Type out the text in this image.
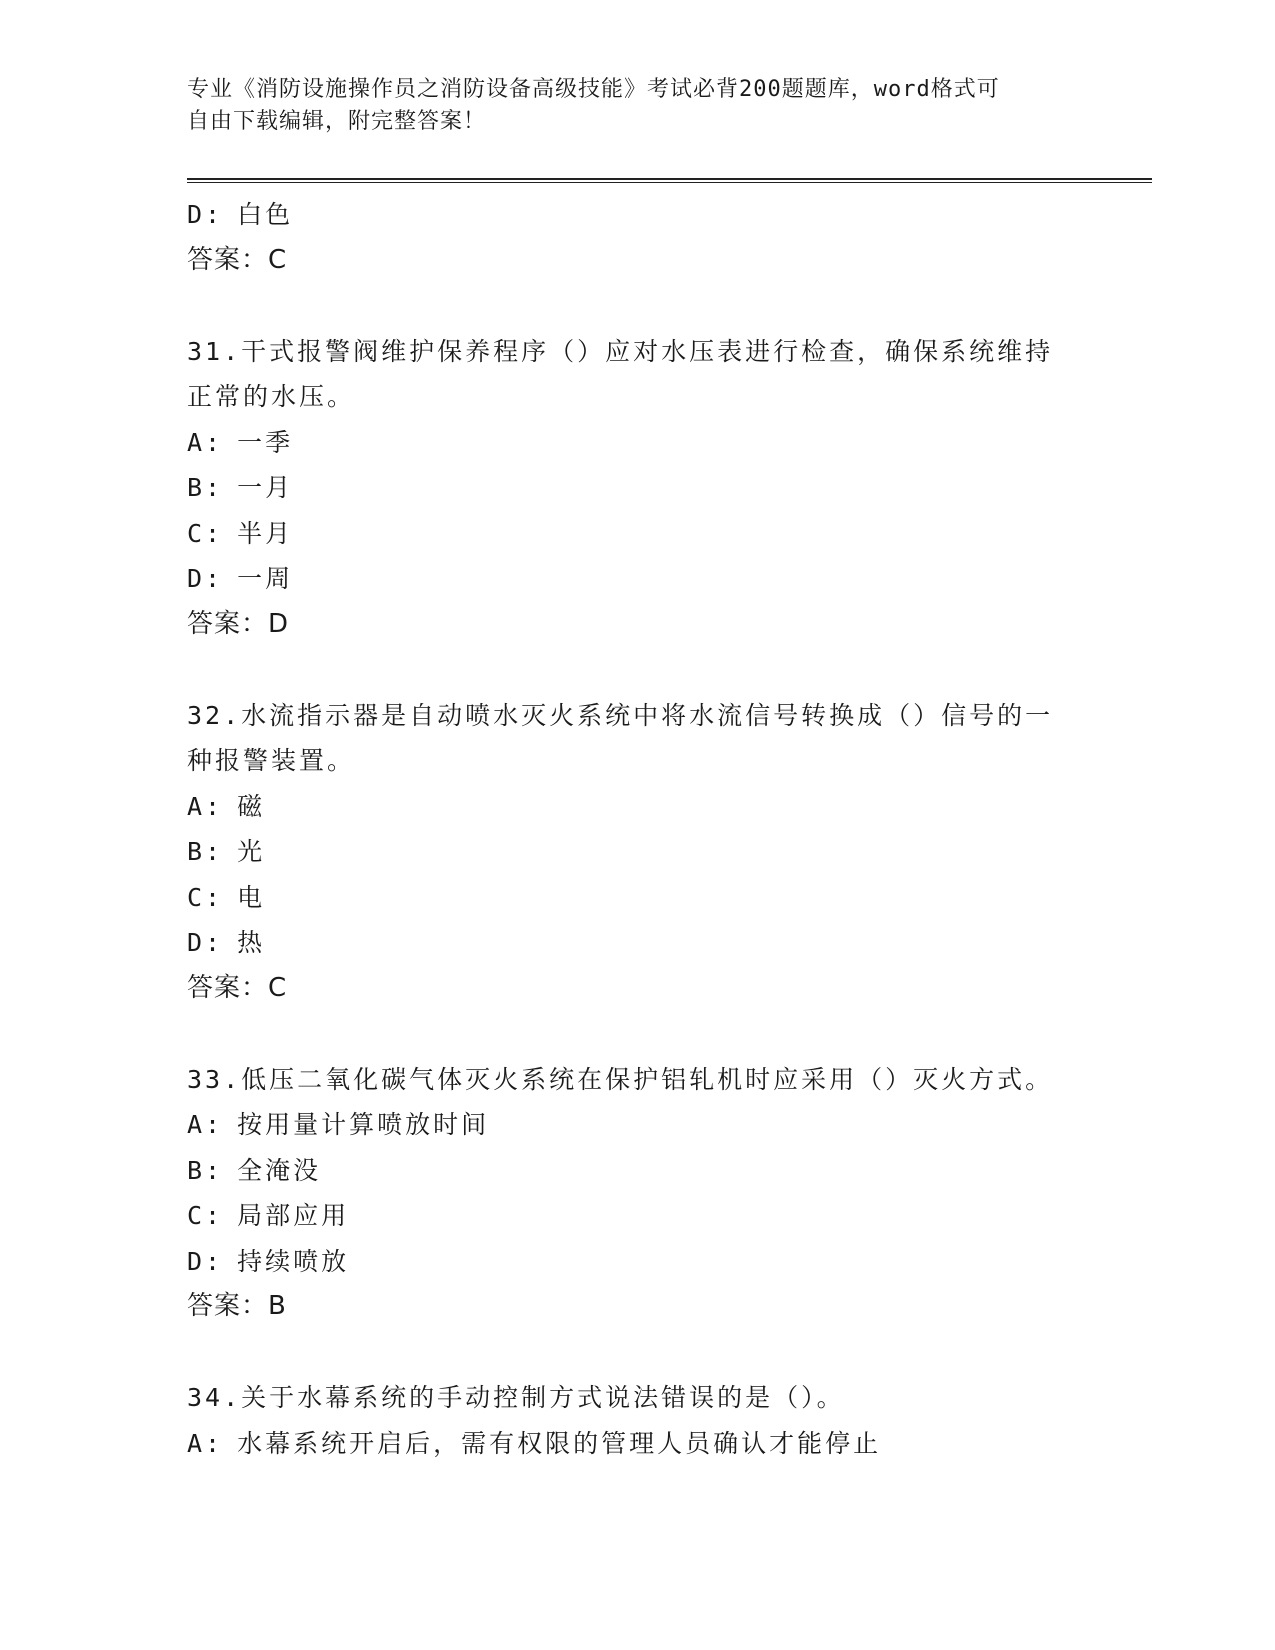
专业《消防设施操作员之消防设备高级技能》考试必背200题题库，word格式可
自由下载编辑，附完整答案！
D: 白色
答案：C
31.干式报警阀维护保养程序（）应对水压表进行检查，确保系统维持
正常的水压。
A: 一季
B: 一月
C: 半月
D: 一周
答案：D
32.水流指示器是自动喷水灭火系统中将水流信号转换成（）信号的一
种报警装置。
A: 磁
B: 光
C: 电
D: 热
答案：C
33.低压二氧化碳气体灭火系统在保护铝轧机时应采用（）灭火方式。
A: 按用量计算喷放时间
B: 全淹没
C: 局部应用
D: 持续喷放
答案：B
34.关于水幕系统的手动控制方式说法错误的是（）。
A: 水幕系统开启后，需有权限的管理人员确认才能停止
